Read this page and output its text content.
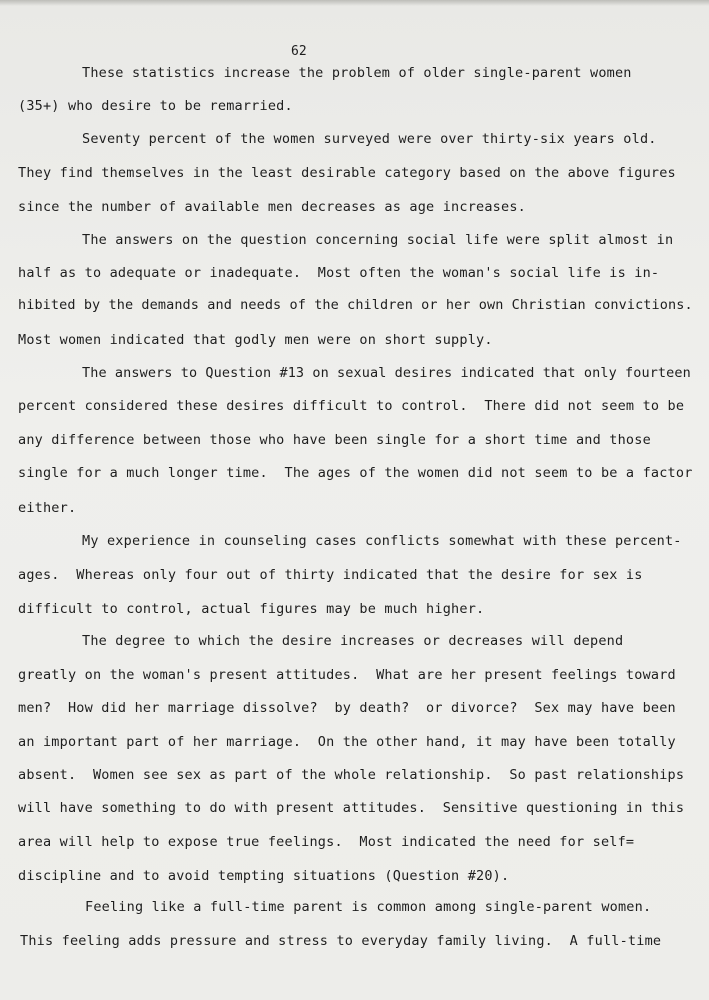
62
These statistics increase the problem of older single-parent women
(35+) who desire to be remarried.
Seventy percent of the women surveyed were over thirty-six years old.
They find themselves in the least desirable category based on the above figures
since the number of available men decreases as age increases.
The answers on the question concerning social life were split almost in
half as to adequate or inadequate.  Most often the woman's social life is in-
hibited by the demands and needs of the children or her own Christian convictions.
Most women indicated that godly men were on short supply.
The answers to Question #13 on sexual desires indicated that only fourteen
percent considered these desires difficult to control.  There did not seem to be
any difference between those who have been single for a short time and those
single for a much longer time.  The ages of the women did not seem to be a factor
either.
My experience in counseling cases conflicts somewhat with these percent-
ages.  Whereas only four out of thirty indicated that the desire for sex is
difficult to control, actual figures may be much higher.
The degree to which the desire increases or decreases will depend
greatly on the woman's present attitudes.  What are her present feelings toward
men?  How did her marriage dissolve?  by death?  or divorce?  Sex may have been
an important part of her marriage.  On the other hand, it may have been totally
absent.  Women see sex as part of the whole relationship.  So past relationships
will have something to do with present attitudes.  Sensitive questioning in this
area will help to expose true feelings.  Most indicated the need for self=
discipline and to avoid tempting situations (Question #20).
Feeling like a full-time parent is common among single-parent women.
This feeling adds pressure and stress to everyday family living.  A full-time
